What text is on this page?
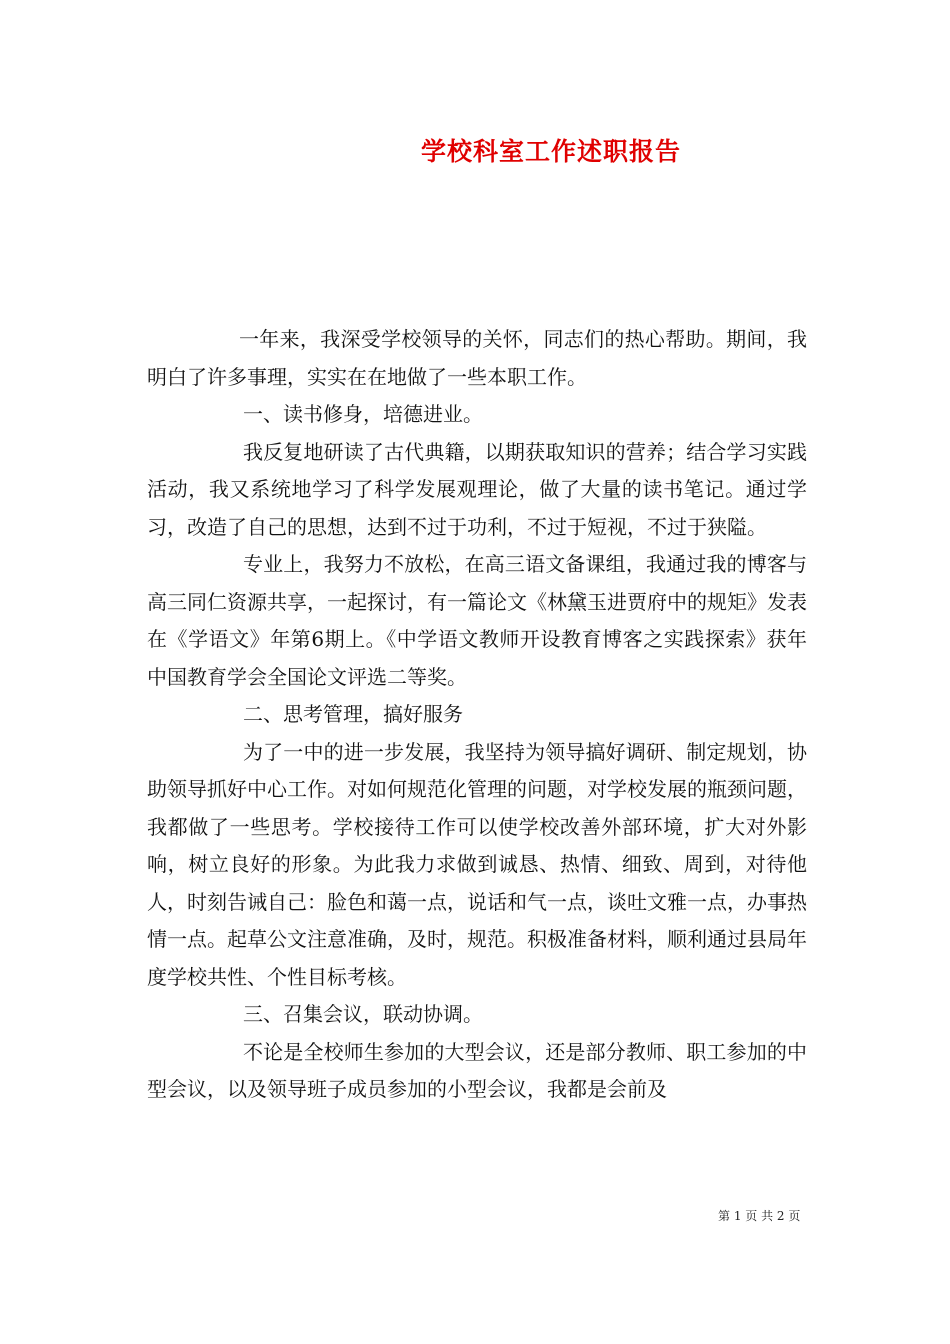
学校科室工作述职报告

一年来，我深受学校领导的关怀，同志们的热心帮助。期间，我明白了许多事理，实实在在地做了一些本职工作。

一、读书修身，培德进业。

我反复地研读了古代典籍，以期获取知识的营养；结合学习实践活动，我又系统地学习了科学发展观理论，做了大量的读书笔记。通过学习，改造了自己的思想，达到不过于功利，不过于短视，不过于狭隘。

专业上，我努力不放松，在高三语文备课组，我通过我的博客与高三同仁资源共享，一起探讨，有一篇论文《林黛玉进贾府中的规矩》发表在《学语文》年第6期上。《中学语文教师开设教育博客之实践探索》获年中国教育学会全国论文评选二等奖。

二、思考管理，搞好服务

为了一中的进一步发展，我坚持为领导搞好调研、制定规划，协助领导抓好中心工作。对如何规范化管理的问题，对学校发展的瓶颈问题，我都做了一些思考。学校接待工作可以使学校改善外部环境，扩大对外影响，树立良好的形象。为此我力求做到诚恳、热情、细致、周到，对待他人，时刻告诫自己：脸色和蔼一点，说话和气一点，谈吐文雅一点，办事热情一点。起草公文注意准确，及时，规范。积极准备材料，顺利通过县局年度学校共性、个性目标考核。

三、召集会议，联动协调。

不论是全校师生参加的大型会议，还是部分教师、职工参加的中型会议，以及领导班子成员参加的小型会议，我都是会前及

第 1 页 共 2 页
